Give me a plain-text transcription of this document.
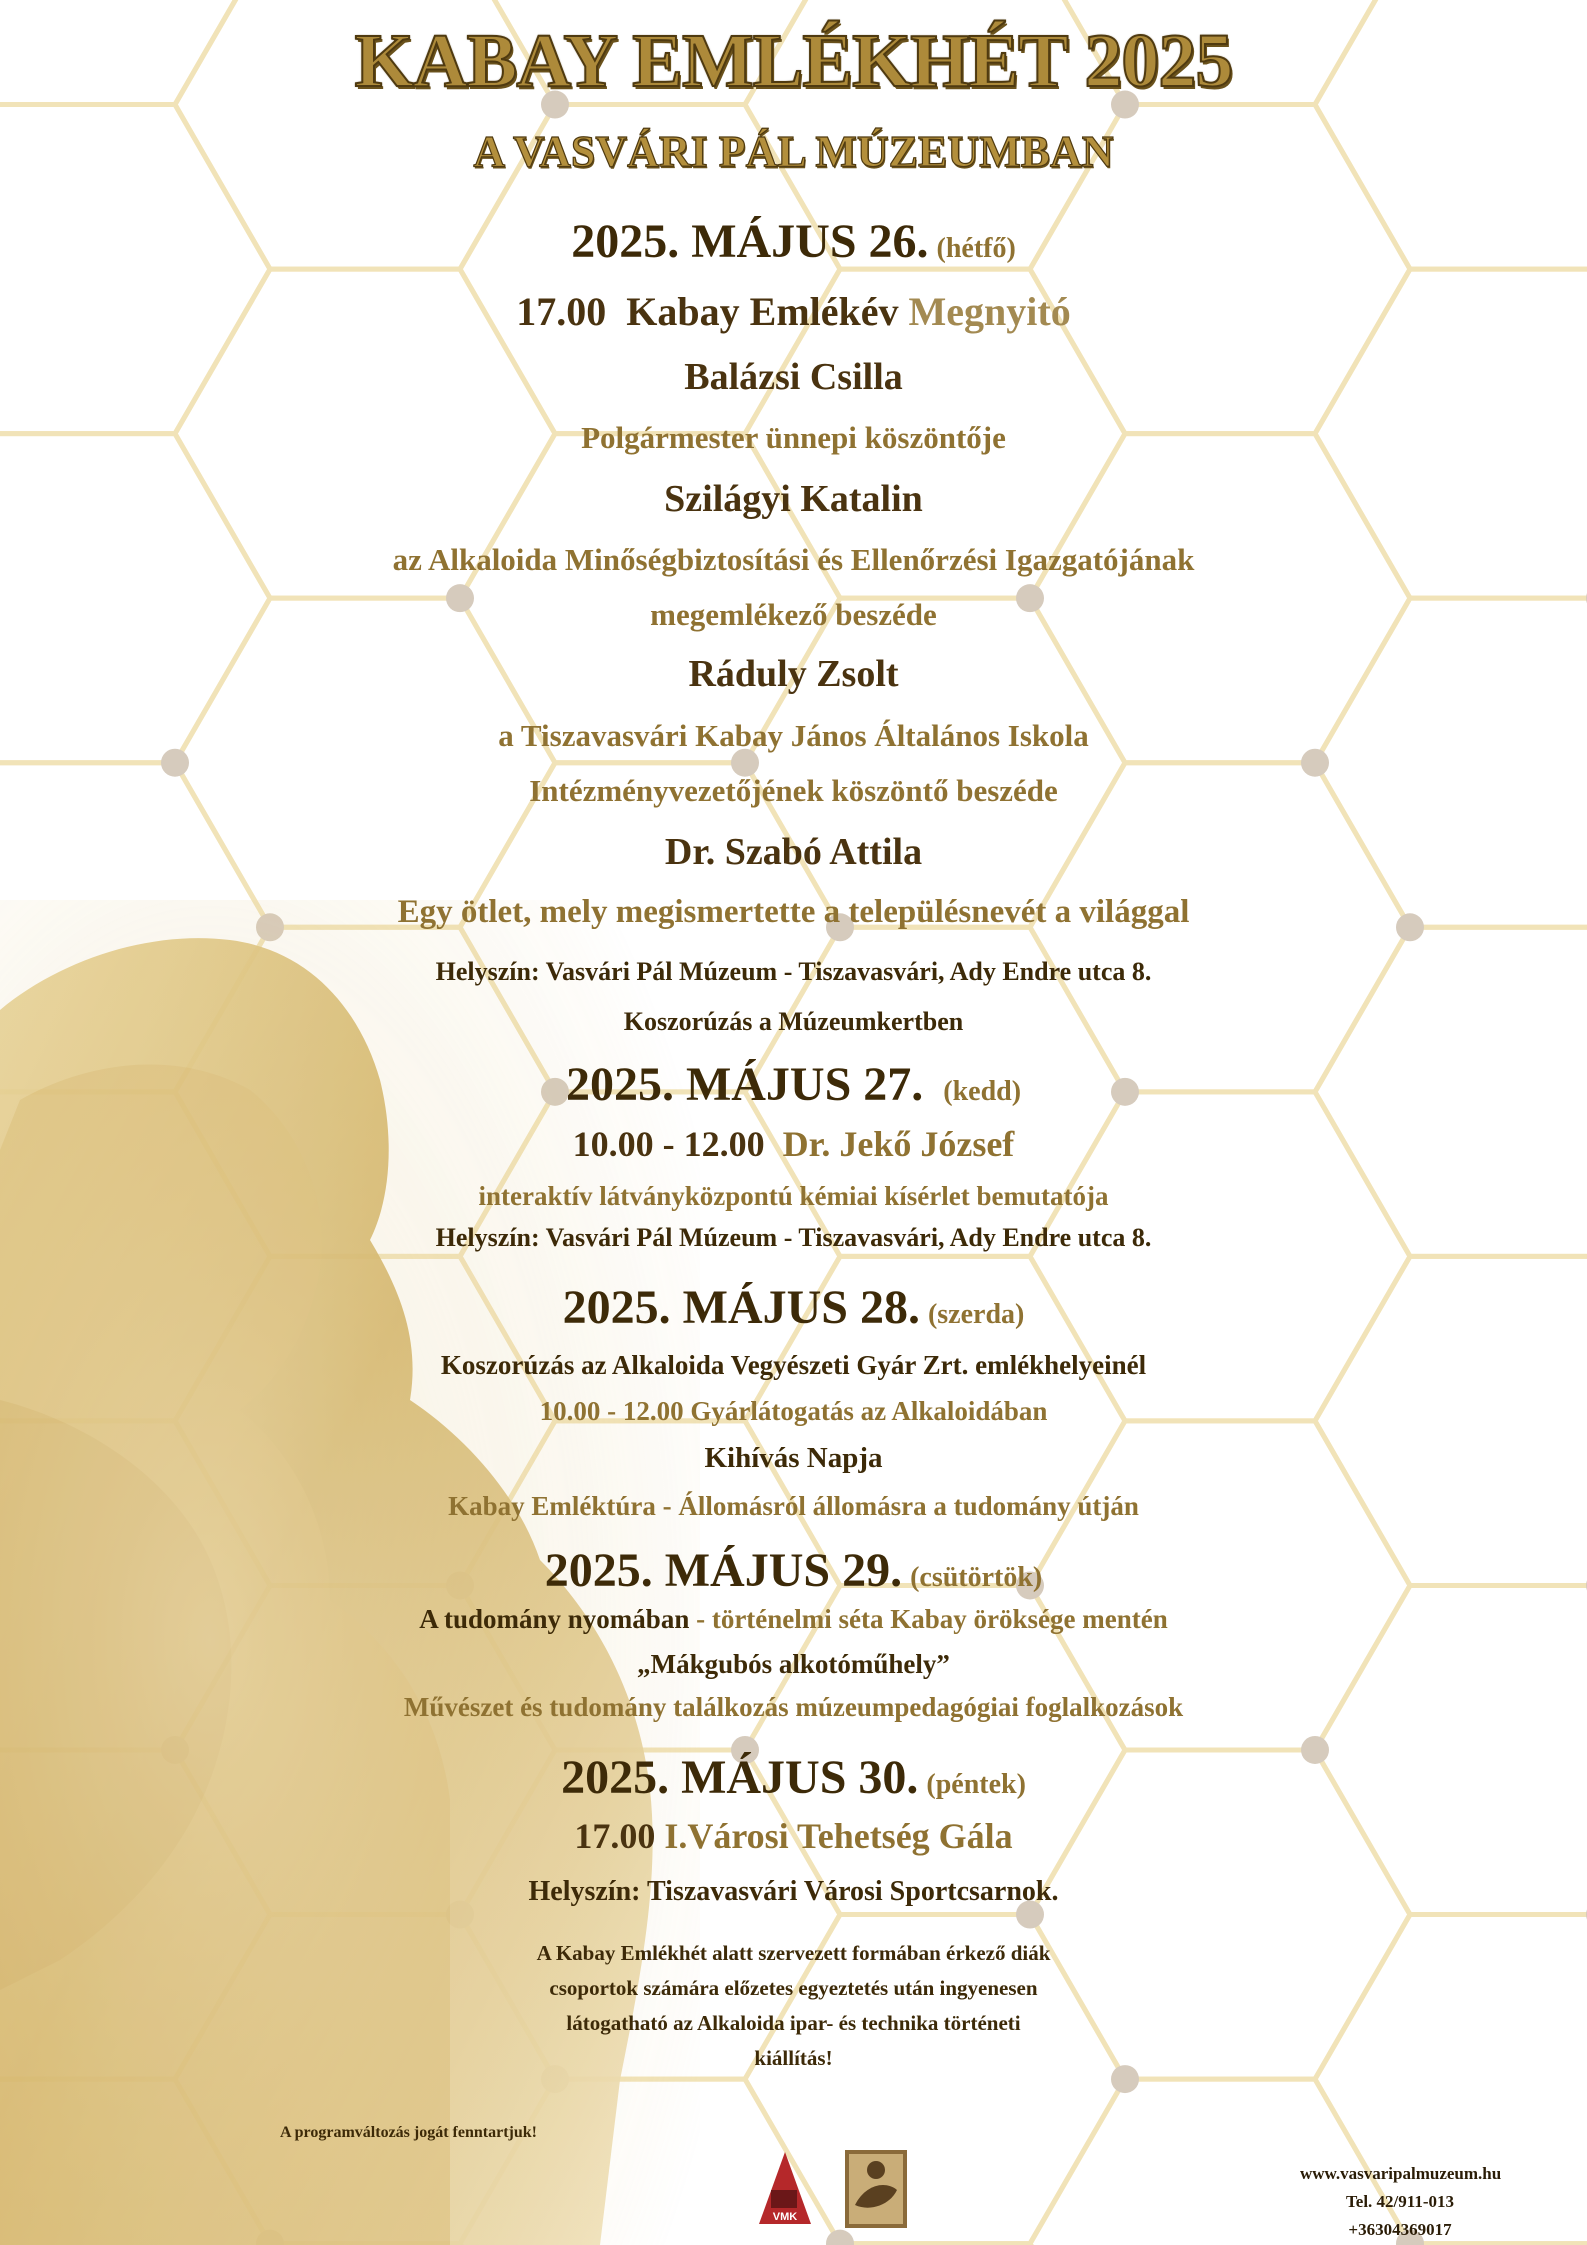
KABAY EMLÉKHÉT 2025
A VASVÁRI PÁL MÚZEUMBAN
2025. MÁJUS 26. (hétfő)
17.00 Kabay Emlékév Megnyitó
Balázsi Csilla
Polgármester ünnepi köszöntője
Szilágyi Katalin
az Alkaloida Minőségbiztosítási és Ellenőrzési Igazgatójának
megemlékező beszéde
Ráduly Zsolt
a Tiszavasvári Kabay János Általános Iskola
Intézményvezetőjének köszöntő beszéde
Dr. Szabó Attila
Egy ötlet, mely megismertette a településnevét a világgal
Helyszín: Vasvári Pál Múzeum - Tiszavasvári, Ady Endre utca 8.
Koszorúzás a Múzeumkertben
2025. MÁJUS 27. (kedd)
10.00 - 12.00 Dr. Jekő József
interaktív látványközpontú kémiai kísérlet bemutatója
Helyszín: Vasvári Pál Múzeum - Tiszavasvári, Ady Endre utca 8.
2025. MÁJUS 28. (szerda)
Koszorúzás az Alkaloida Vegyészeti Gyár Zrt. emlékhelyeinél
10.00 - 12.00 Gyárlátogatás az Alkaloidában
Kihívás Napja
Kabay Emléktúra - Állomásról állomásra a tudomány útján
2025. MÁJUS 29. (csütörtök)
A tudomány nyomában - történelmi séta Kabay öröksége mentén
„Mákgubós alkotóműhely”
Művészet és tudomány találkozás múzeumpedagógiai foglalkozások
2025. MÁJUS 30. (péntek)
17.00 I.Városi Tehetség Gála
Helyszín: Tiszavasvári Városi Sportcsarnok.
A Kabay Emlékhét alatt szervezett formában érkező diák
csoportok számára előzetes egyeztetés után ingyenesen
látogatható az Alkaloida ipar- és technika történeti
kiállítás!
A programváltozás jogát fenntartjuk!
VMK
www.vasvaripalmuzeum.hu
Tel. 42/911-013
+36304369017
